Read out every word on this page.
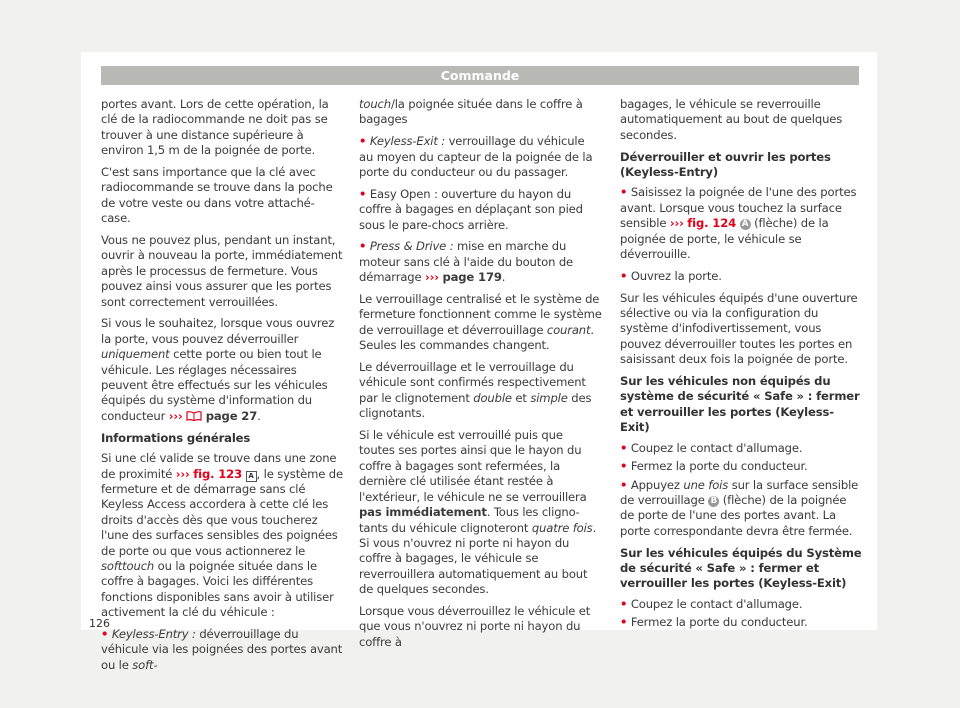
Commande

portes avant. Lors de cette opération, la clé de la radiocommande ne doit pas se trouver à une distance supérieure à environ 1,5 m de la poignée de porte.

C'est sans importance que la clé avec radiocommande se trouve dans la poche de votre veste ou dans votre attaché-case.

Vous ne pouvez plus, pendant un instant, ouvrir à nouveau la porte, immédiatement après le processus de fermeture. Vous pouvez ainsi vous assurer que les portes sont correctement verrouillées.

Si vous le souhaitez, lorsque vous ouvrez la porte, vous pouvez déverrouiller uniquement cette porte ou bien tout le véhicule. Les réglages nécessaires peuvent être effectués sur les véhicules équipés du système d'information du conducteur ››› page 27.

Informations générales

Si une clé valide se trouve dans une zone de proximité ››› fig. 123 A , le système de fermeture et de démarrage sans clé Keyless Access accordera à cette clé les droits d'accès dès que vous toucherez l'une des surfaces sensibles des poignées de porte ou que vous actionnerez le softtouch ou la poignée située dans le coffre à bagages. Voici les différentes fonctions disponibles sans avoir à utiliser activement la clé du véhicule :

• Keyless-Entry : déverrouillage du véhicule via les poignées des portes avant ou le soft-

touch/la poignée située dans le coffre à bagages

• Keyless-Exit : verrouillage du véhicule au moyen du capteur de la poignée de la porte du conducteur ou du passager.

• Easy Open : ouverture du hayon du coffre à bagages en déplaçant son pied sous le pare-chocs arrière.

• Press & Drive : mise en marche du moteur sans clé à l'aide du bouton de démarrage ››› page 179.

Le verrouillage centralisé et le système de fermeture fonctionnent comme le système de verrouillage et déverrouillage courant. Seules les commandes changent.

Le déverrouillage et le verrouillage du véhicule sont confirmés respectivement par le clignotement double et simple des clignotants.

Si le véhicule est verrouillé puis que toutes ses portes ainsi que le hayon du coffre à bagages sont refermées, la dernière clé utilisée étant restée à l'extérieur, le véhicule ne se verrouillera pas immédiatement. Tous les clignotants du véhicule clignoteront quatre fois. Si vous n'ouvrez ni porte ni hayon du coffre à bagages, le véhicule se reverrouillera automatiquement au bout de quelques secondes.

Lorsque vous déverrouillez le véhicule et que vous n'ouvrez ni porte ni hayon du coffre à

bagages, le véhicule se reverrouille automatiquement au bout de quelques secondes.

Déverrouiller et ouvrir les portes (Keyless-Entry)

• Saisissez la poignée de l'une des portes avant. Lorsque vous touchez la surface sensible ››› fig. 124 A (flèche) de la poignée de porte, le véhicule se déverrouille.

• Ouvrez la porte.

Sur les véhicules équipés d'une ouverture sélective ou via la configuration du système d'infodivertissement, vous pouvez déverrouiller toutes les portes en saisissant deux fois la poignée de porte.

Sur les véhicules non équipés du système de sécurité « Safe » : fermer et verrouiller les portes (Keyless-Exit)

• Coupez le contact d'allumage.

• Fermez la porte du conducteur.

• Appuyez une fois sur la surface sensible de verrouillage B (flèche) de la poignée de porte de l'une des portes avant. La porte correspondante devra être fermée.

Sur les véhicules équipés du Système de sécurité « Safe » : fermer et verrouiller les portes (Keyless-Exit)

• Coupez le contact d'allumage.

• Fermez la porte du conducteur.

126
